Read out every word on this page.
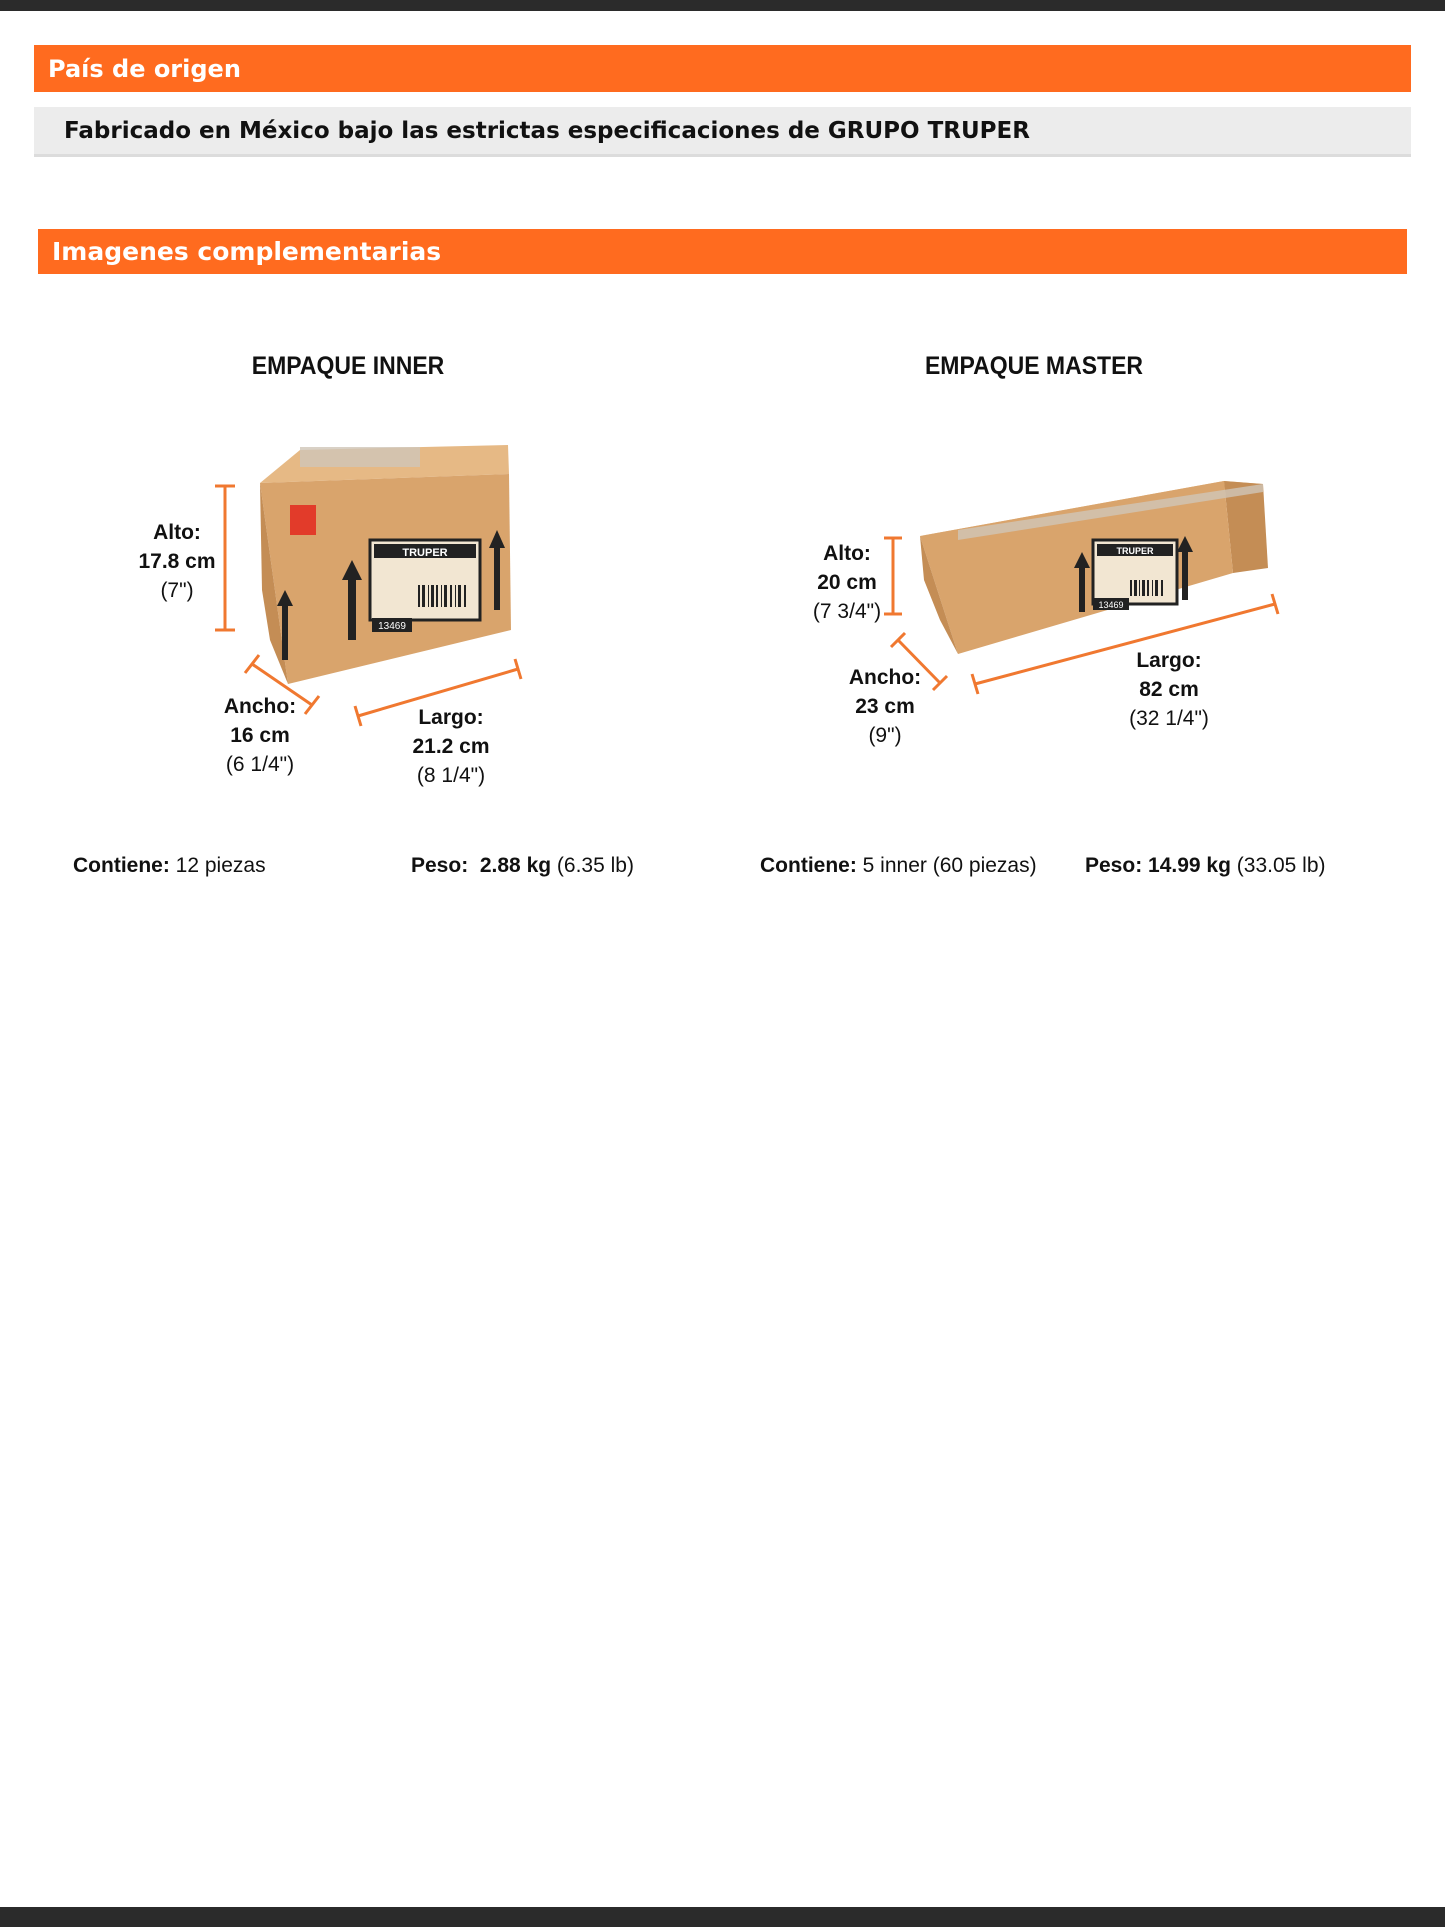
País de origen
Fabricado en México bajo las estrictas especificaciones de GRUPO TRUPER
Imagenes complementarias
EMPAQUE INNER	EMPAQUE MASTER
TRUPER
13469
TRUPER
13469
Alto:
17.8 cm
(7")
Ancho:
16 cm
(6 1/4")
Largo:
21.2 cm
(8 1/4")
Alto:
20 cm
(7 3/4")
Ancho:
23 cm
(9")
Largo:
82 cm
(32 1/4")
Contiene: 12 piezas	Peso: 2.88 kg (6.35 lb)	Contiene: 5 inner (60 piezas) Peso: 14.99 kg (33.05 lb)
